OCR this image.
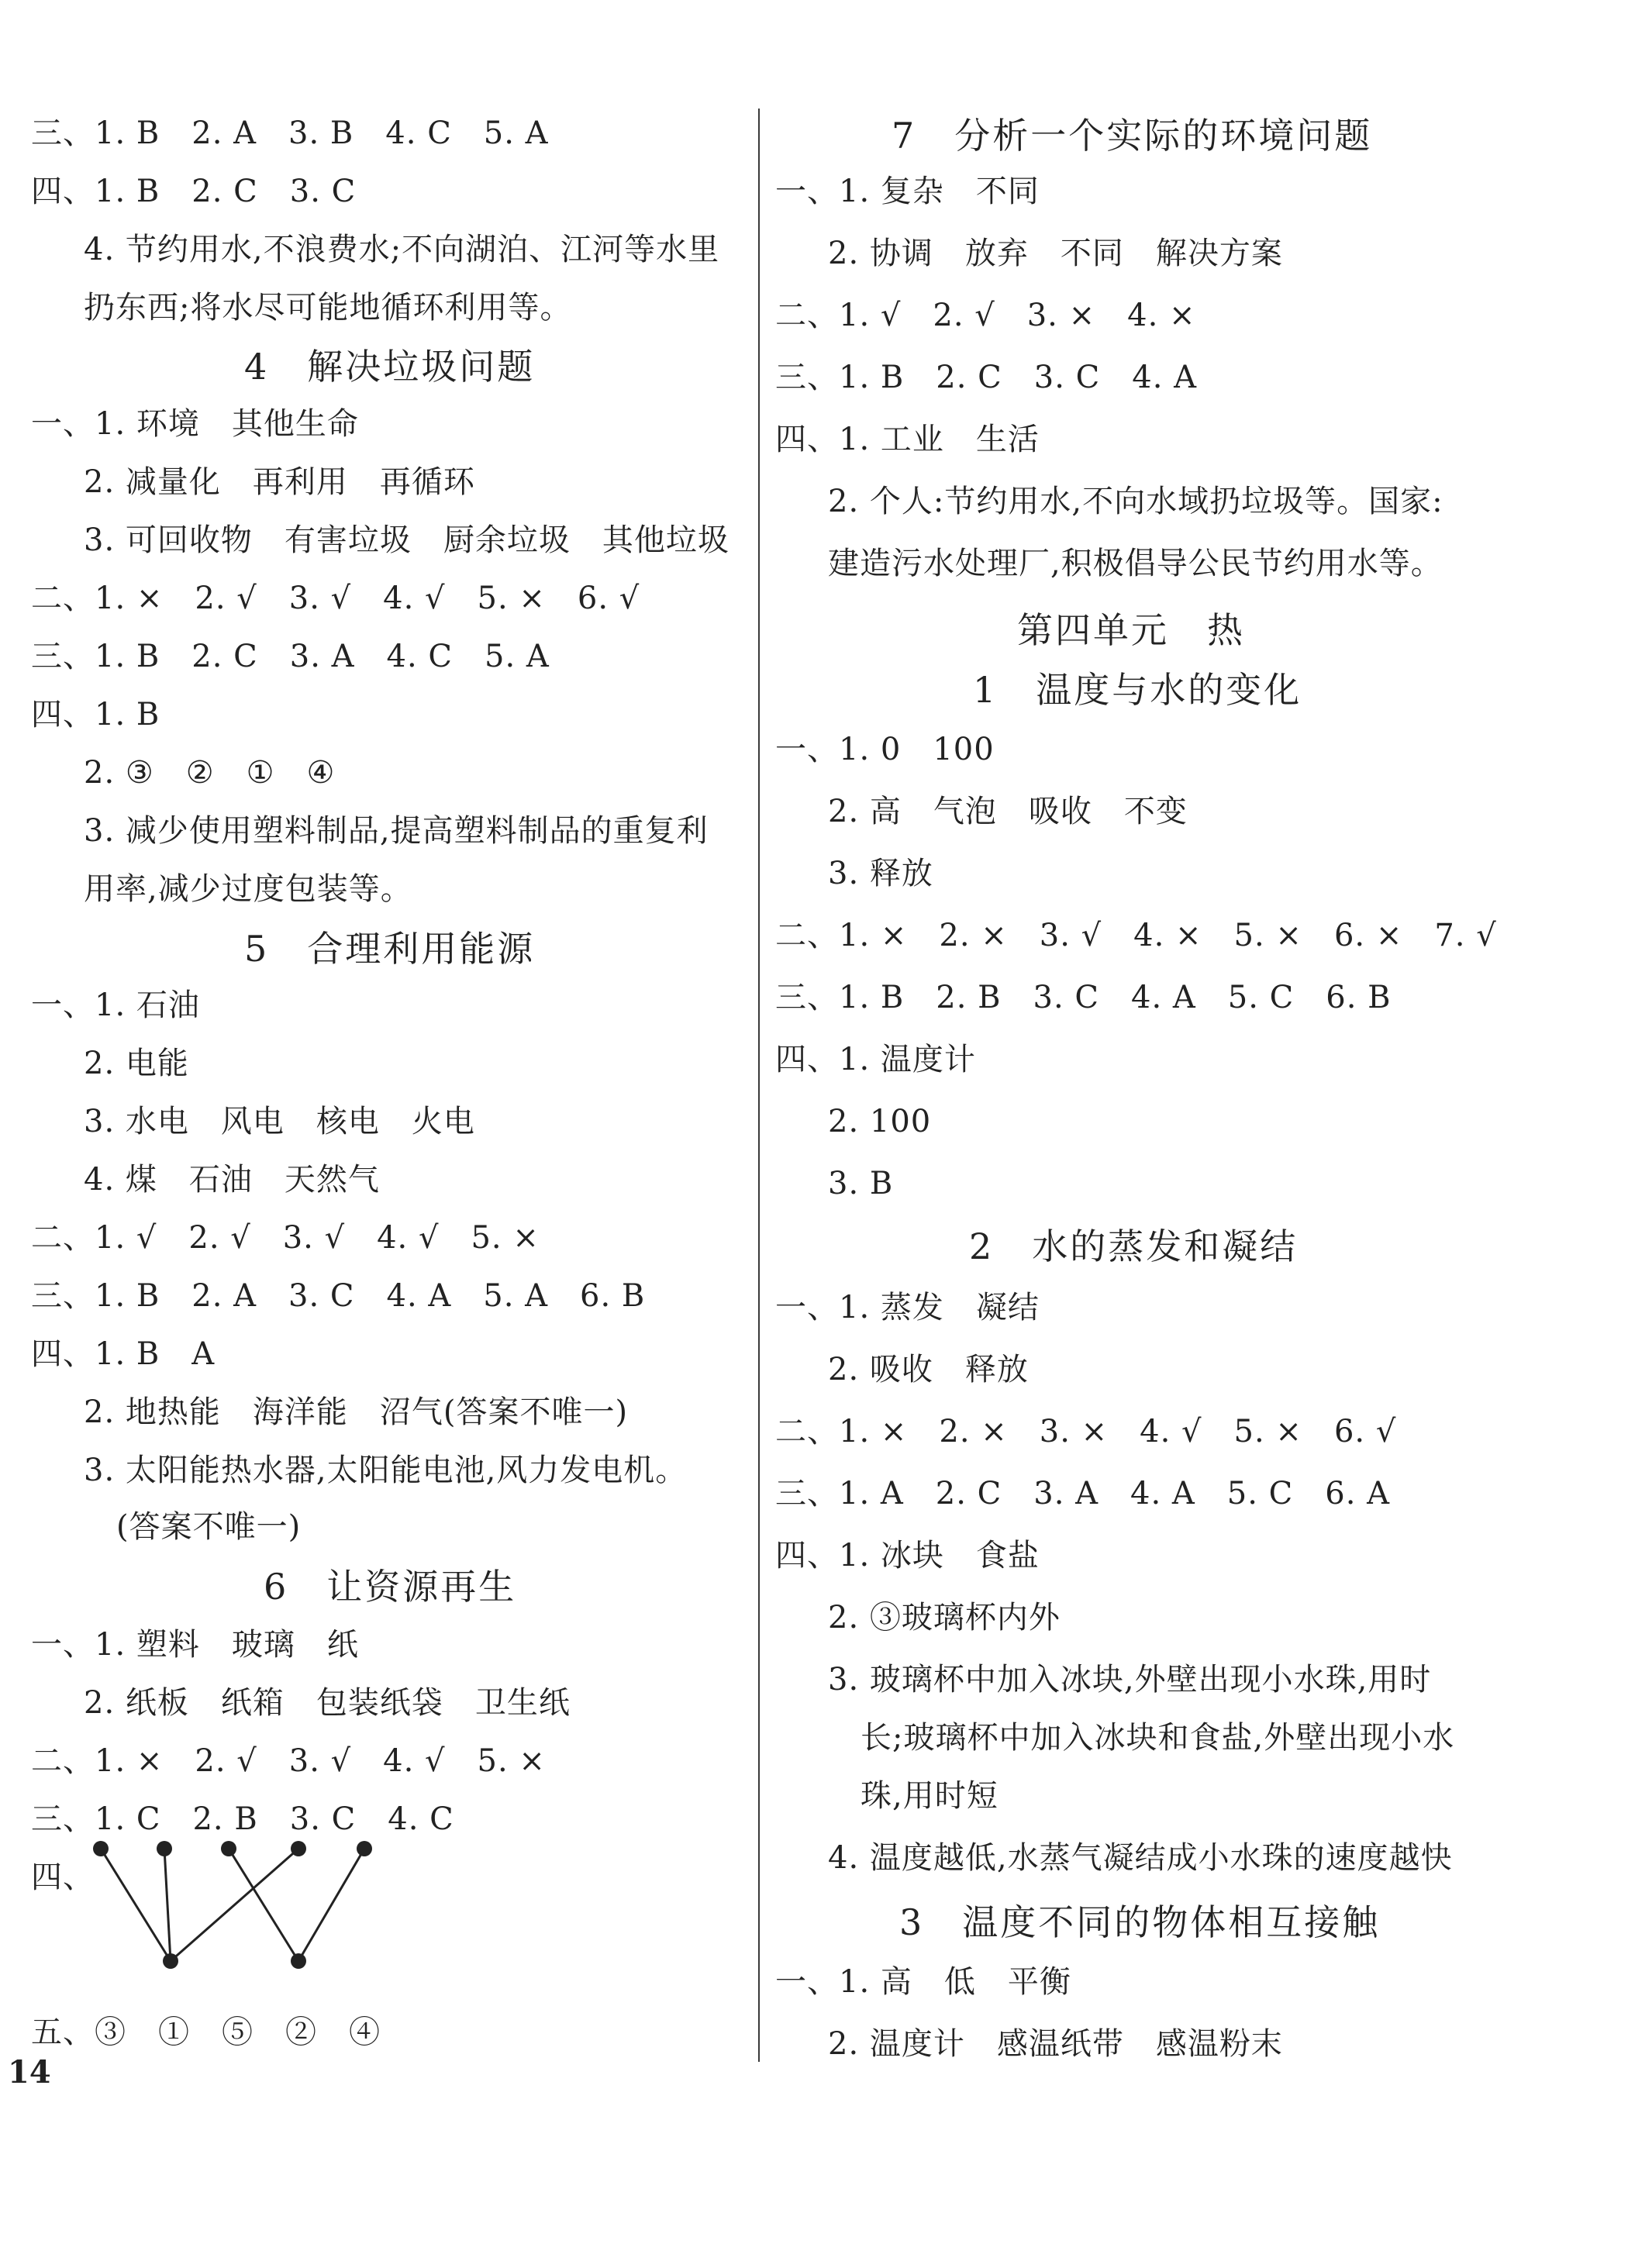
三、1. B　2. A　3. B　4. C　5. A
四、1. B　2. C　3. C
4. 节约用水,不浪费水;不向湖泊、江河等水里
扔东西;将水尽可能地循环利用等。
4　解决垃圾问题
一、1. 环境　其他生命
2. 减量化　再利用　再循环
3. 可回收物　有害垃圾　厨余垃圾　其他垃圾
二、1. ×　2. √　3. √　4. √　5. ×　6. √
三、1. B　2. C　3. A　4. C　5. A
四、1. B
2. ③　②　①　④
3. 减少使用塑料制品,提高塑料制品的重复利
用率,减少过度包装等。
5　合理利用能源
一、1. 石油
2. 电能
3. 水电　风电　核电　火电
4. 煤　石油　天然气
二、1. √　2. √　3. √　4. √　5. ×
三、1. B　2. A　3. C　4. A　5. A　6. B
四、1. B　A
2. 地热能　海洋能　沼气(答案不唯一)
3. 太阳能热水器,太阳能电池,风力发电机。
(答案不唯一)
6　让资源再生
一、1. 塑料　玻璃　纸
2. 纸板　纸箱　包装纸袋　卫生纸
二、1. ×　2. √　3. √　4. √　5. ×
三、1. C　2. B　3. C　4. C
四、
五、③　①　⑤　②　④
7　分析一个实际的环境问题
一、1. 复杂　不同
2. 协调　放弃　不同　解决方案
二、1. √　2. √　3. ×　4. ×
三、1. B　2. C　3. C　4. A
四、1. 工业　生活
2. 个人:节约用水,不向水域扔垃圾等。国家:
建造污水处理厂,积极倡导公民节约用水等。
第四单元　热
1　温度与水的变化
一、1. 0　100
2. 高　气泡　吸收　不变
3. 释放
二、1. ×　2. ×　3. √　4. ×　5. ×　6. ×　7. √
三、1. B　2. B　3. C　4. A　5. C　6. B
四、1. 温度计
2. 100
3. B
2　水的蒸发和凝结
一、1. 蒸发　凝结
2. 吸收　释放
二、1. ×　2. ×　3. ×　4. √　5. ×　6. √
三、1. A　2. C　3. A　4. A　5. C　6. A
四、1. 冰块　食盐
2. ③玻璃杯内外
3. 玻璃杯中加入冰块,外壁出现小水珠,用时
长;玻璃杯中加入冰块和食盐,外壁出现小水
珠,用时短
4. 温度越低,水蒸气凝结成小水珠的速度越快
3　温度不同的物体相互接触
一、1. 高　低　平衡
2. 温度计　感温纸带　感温粉末
14
